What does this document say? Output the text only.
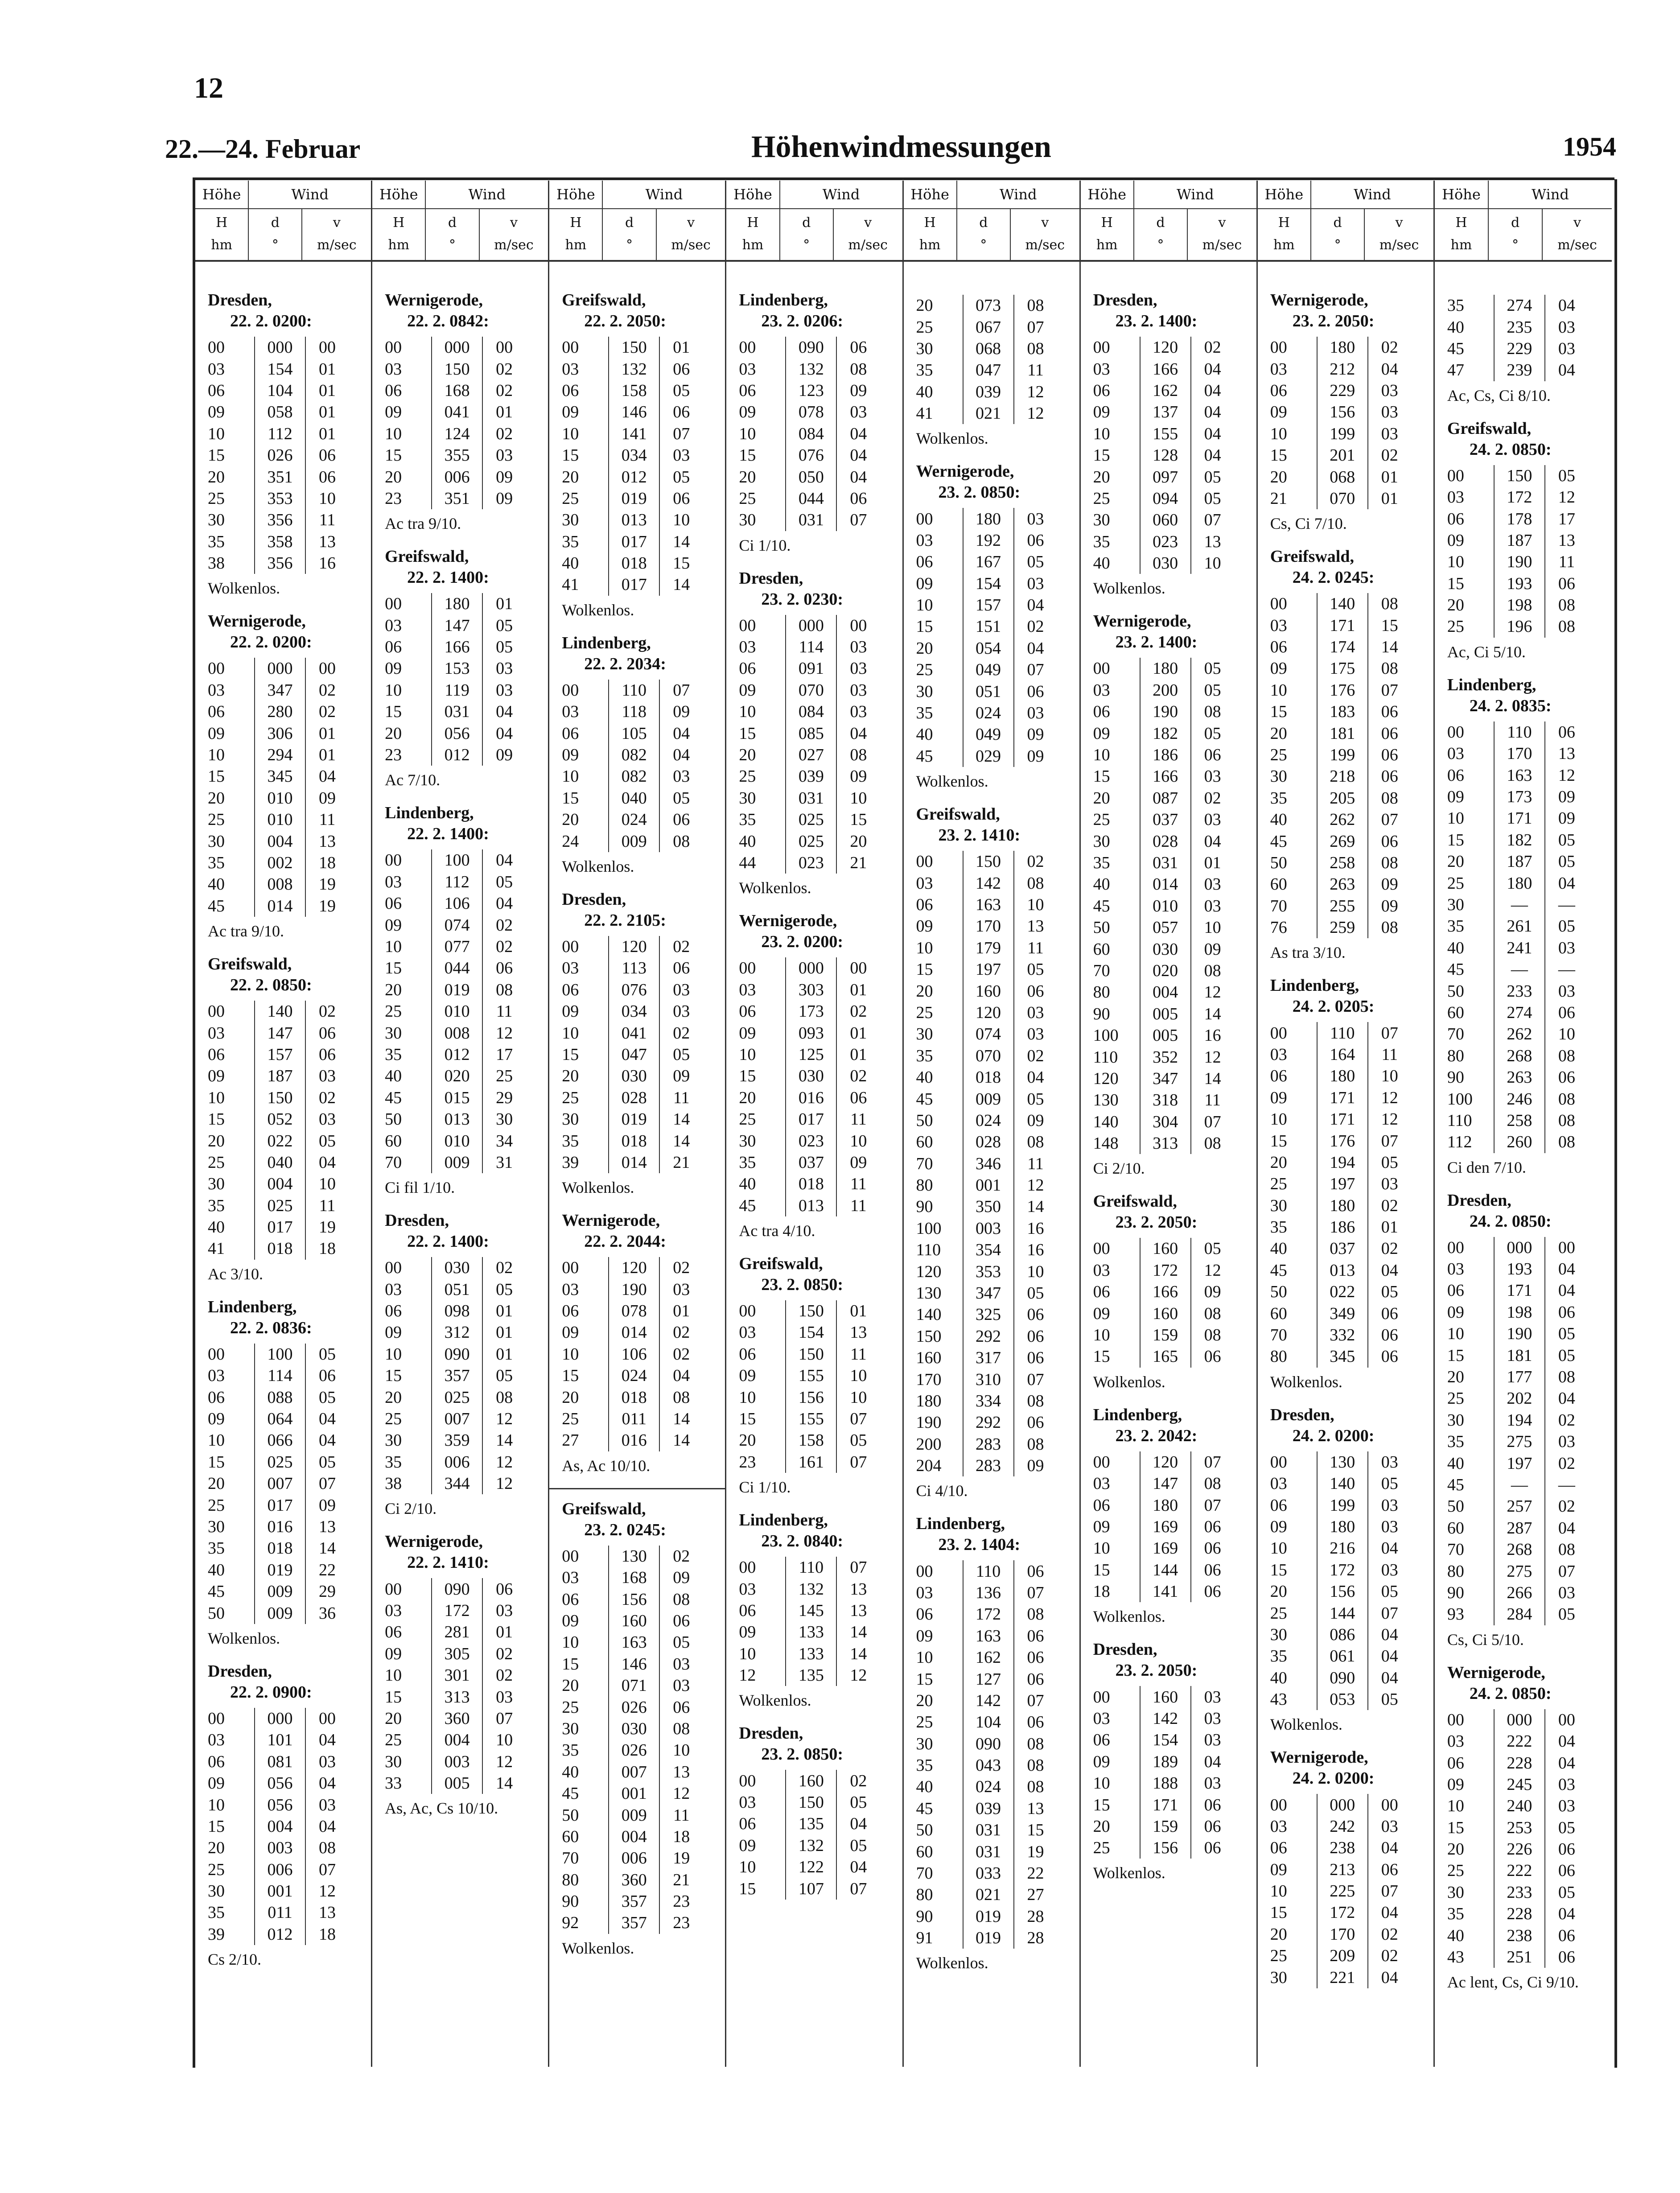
12
22.—24. Februar	Höhenwindmessungen	1954
Höhe	Wind
H
hm
d
°
v
m/sec
Dresden,
22. 2. 0200:
00	000	00
03	154	01
06	104	01
09	058	01
10	112	01
15	026	06
20	351	06
25	353	10
30	356	11
35	358	13
38	356	16
Wolkenlos.
Wernigerode,
22. 2. 0200:
00	000	00
03	347	02
06	280	02
09	306	01
10	294	01
15	345	04
20	010	09
25	010	11
30	004	13
35	002	18
40	008	19
45	014	19
Ac tra 9/10.
Greifswald,
22. 2. 0850:
00	140	02
03	147	06
06	157	06
09	187	03
10	150	02
15	052	03
20	022	05
25	040	04
30	004	10
35	025	11
40	017	19
41	018	18
Ac 3/10.
Lindenberg,
22. 2. 0836:
00	100	05
03	114	06
06	088	05
09	064	04
10	066	04
15	025	05
20	007	07
25	017	09
30	016	13
35	018	14
40	019	22
45	009	29
50	009	36
Wolkenlos.
Dresden,
22. 2. 0900:
00	000	00
03	101	04
06	081	03
09	056	04
10	056	03
15	004	04
20	003	08
25	006	07
30	001	12
35	011	13
39	012	18
Cs 2/10.
Höhe	Wind
H
hm
d
°
v
m/sec
Wernigerode,
22. 2. 0842:
00	000	00
03	150	02
06	168	02
09	041	01
10	124	02
15	355	03
20	006	09
23	351	09
Ac tra 9/10.
Greifswald,
22. 2. 1400:
00	180	01
03	147	05
06	166	05
09	153	03
10	119	03
15	031	04
20	056	04
23	012	09
Ac 7/10.
Lindenberg,
22. 2. 1400:
00	100	04
03	112	05
06	106	04
09	074	02
10	077	02
15	044	06
20	019	08
25	010	11
30	008	12
35	012	17
40	020	25
45	015	29
50	013	30
60	010	34
70	009	31
Ci fil 1/10.
Dresden,
22. 2. 1400:
00	030	02
03	051	05
06	098	01
09	312	01
10	090	01
15	357	05
20	025	08
25	007	12
30	359	14
35	006	12
38	344	12
Ci 2/10.
Wernigerode,
22. 2. 1410:
00	090	06
03	172	03
06	281	01
09	305	02
10	301	02
15	313	03
20	360	07
25	004	10
30	003	12
33	005	14
As, Ac, Cs 10/10.
Höhe	Wind
H
hm
d
°
v
m/sec
Greifswald,
22. 2. 2050:
00	150	01
03	132	06
06	158	05
09	146	06
10	141	07
15	034	03
20	012	05
25	019	06
30	013	10
35	017	14
40	018	15
41	017	14
Wolkenlos.
Lindenberg,
22. 2. 2034:
00	110	07
03	118	09
06	105	04
09	082	04
10	082	03
15	040	05
20	024	06
24	009	08
Wolkenlos.
Dresden,
22. 2. 2105:
00	120	02
03	113	06
06	076	03
09	034	03
10	041	02
15	047	05
20	030	09
25	028	11
30	019	14
35	018	14
39	014	21
Wolkenlos.
Wernigerode,
22. 2. 2044:
00	120	02
03	190	03
06	078	01
09	014	02
10	106	02
15	024	04
20	018	08
25	011	14
27	016	14
As, Ac 10/10.
Greifswald,
23. 2. 0245:
00	130	02
03	168	09
06	156	08
09	160	06
10	163	05
15	146	03
20	071	03
25	026	06
30	030	08
35	026	10
40	007	13
45	001	12
50	009	11
60	004	18
70	006	19
80	360	21
90	357	23
92	357	23
Wolkenlos.
Höhe	Wind
H
hm
d
°
v
m/sec
Lindenberg,
23. 2. 0206:
00	090	06
03	132	08
06	123	09
09	078	03
10	084	04
15	076	04
20	050	04
25	044	06
30	031	07
Ci 1/10.
Dresden,
23. 2. 0230:
00	000	00
03	114	03
06	091	03
09	070	03
10	084	03
15	085	04
20	027	08
25	039	09
30	031	10
35	025	15
40	025	20
44	023	21
Wolkenlos.
Wernigerode,
23. 2. 0200:
00	000	00
03	303	01
06	173	02
09	093	01
10	125	01
15	030	02
20	016	06
25	017	11
30	023	10
35	037	09
40	018	11
45	013	11
Ac tra 4/10.
Greifswald,
23. 2. 0850:
00	150	01
03	154	13
06	150	11
09	155	10
10	156	10
15	155	07
20	158	05
23	161	07
Ci 1/10.
Lindenberg,
23. 2. 0840:
00	110	07
03	132	13
06	145	13
09	133	14
10	133	14
12	135	12
Wolkenlos.
Dresden,
23. 2. 0850:
00	160	02
03	150	05
06	135	04
09	132	05
10	122	04
15	107	07
Höhe	Wind
H
hm
d
°
v
m/sec
20	073	08
25	067	07
30	068	08
35	047	11
40	039	12
41	021	12
Wolkenlos.
Wernigerode,
23. 2. 0850:
00	180	03
03	192	06
06	167	05
09	154	03
10	157	04
15	151	02
20	054	04
25	049	07
30	051	06
35	024	03
40	049	09
45	029	09
Wolkenlos.
Greifswald,
23. 2. 1410:
00	150	02
03	142	08
06	163	10
09	170	13
10	179	11
15	197	05
20	160	06
25	120	03
30	074	03
35	070	02
40	018	04
45	009	05
50	024	09
60	028	08
70	346	11
80	001	12
90	350	14
100	003	16
110	354	16
120	353	10
130	347	05
140	325	06
150	292	06
160	317	06
170	310	07
180	334	08
190	292	06
200	283	08
204	283	09
Ci 4/10.
Lindenberg,
23. 2. 1404:
00	110	06
03	136	07
06	172	08
09	163	06
10	162	06
15	127	06
20	142	07
25	104	06
30	090	08
35	043	08
40	024	08
45	039	13
50	031	15
60	031	19
70	033	22
80	021	27
90	019	28
91	019	28
Wolkenlos.
Höhe	Wind
H
hm
d
°
v
m/sec
Dresden,
23. 2. 1400:
00	120	02
03	166	04
06	162	04
09	137	04
10	155	04
15	128	04
20	097	05
25	094	05
30	060	07
35	023	13
40	030	10
Wolkenlos.
Wernigerode,
23. 2. 1400:
00	180	05
03	200	05
06	190	08
09	182	05
10	186	06
15	166	03
20	087	02
25	037	03
30	028	04
35	031	01
40	014	03
45	010	03
50	057	10
60	030	09
70	020	08
80	004	12
90	005	14
100	005	16
110	352	12
120	347	14
130	318	11
140	304	07
148	313	08
Ci 2/10.
Greifswald,
23. 2. 2050:
00	160	05
03	172	12
06	166	09
09	160	08
10	159	08
15	165	06
Wolkenlos.
Lindenberg,
23. 2. 2042:
00	120	07
03	147	08
06	180	07
09	169	06
10	169	06
15	144	06
18	141	06
Wolkenlos.
Dresden,
23. 2. 2050:
00	160	03
03	142	03
06	154	03
09	189	04
10	188	03
15	171	06
20	159	06
25	156	06
Wolkenlos.
Höhe	Wind
H
hm
d
°
v
m/sec
Wernigerode,
23. 2. 2050:
00	180	02
03	212	04
06	229	03
09	156	03
10	199	03
15	201	02
20	068	01
21	070	01
Cs, Ci 7/10.
Greifswald,
24. 2. 0245:
00	140	08
03	171	15
06	174	14
09	175	08
10	176	07
15	183	06
20	181	06
25	199	06
30	218	06
35	205	08
40	262	07
45	269	06
50	258	08
60	263	09
70	255	09
76	259	08
As tra 3/10.
Lindenberg,
24. 2. 0205:
00	110	07
03	164	11
06	180	10
09	171	12
10	171	12
15	176	07
20	194	05
25	197	03
30	180	02
35	186	01
40	037	02
45	013	04
50	022	05
60	349	06
70	332	06
80	345	06
Wolkenlos.
Dresden,
24. 2. 0200:
00	130	03
03	140	05
06	199	03
09	180	03
10	216	04
15	172	03
20	156	05
25	144	07
30	086	04
35	061	04
40	090	04
43	053	05
Wolkenlos.
Wernigerode,
24. 2. 0200:
00	000	00
03	242	03
06	238	04
09	213	06
10	225	07
15	172	04
20	170	02
25	209	02
30	221	04
Höhe	Wind
H
hm
d
°
v
m/sec
35	274	04
40	235	03
45	229	03
47	239	04
Ac, Cs, Ci 8/10.
Greifswald,
24. 2. 0850:
00	150	05
03	172	12
06	178	17
09	187	13
10	190	11
15	193	06
20	198	08
25	196	08
Ac, Ci 5/10.
Lindenberg,
24. 2. 0835:
00	110	06
03	170	13
06	163	12
09	173	09
10	171	09
15	182	05
20	187	05
25	180	04
30	—	—
35	261	05
40	241	03
45	—	—
50	233	03
60	274	06
70	262	10
80	268	08
90	263	06
100	246	08
110	258	08
112	260	08
Ci den 7/10.
Dresden,
24. 2. 0850:
00	000	00
03	193	04
06	171	04
09	198	06
10	190	05
15	181	05
20	177	08
25	202	04
30	194	02
35	275	03
40	197	02
45	—	—
50	257	02
60	287	04
70	268	08
80	275	07
90	266	03
93	284	05
Cs, Ci 5/10.
Wernigerode,
24. 2. 0850:
00	000	00
03	222	04
06	228	04
09	245	03
10	240	03
15	253	05
20	226	06
25	222	06
30	233	05
35	228	04
40	238	06
43	251	06
Ac lent, Cs, Ci 9/10.
